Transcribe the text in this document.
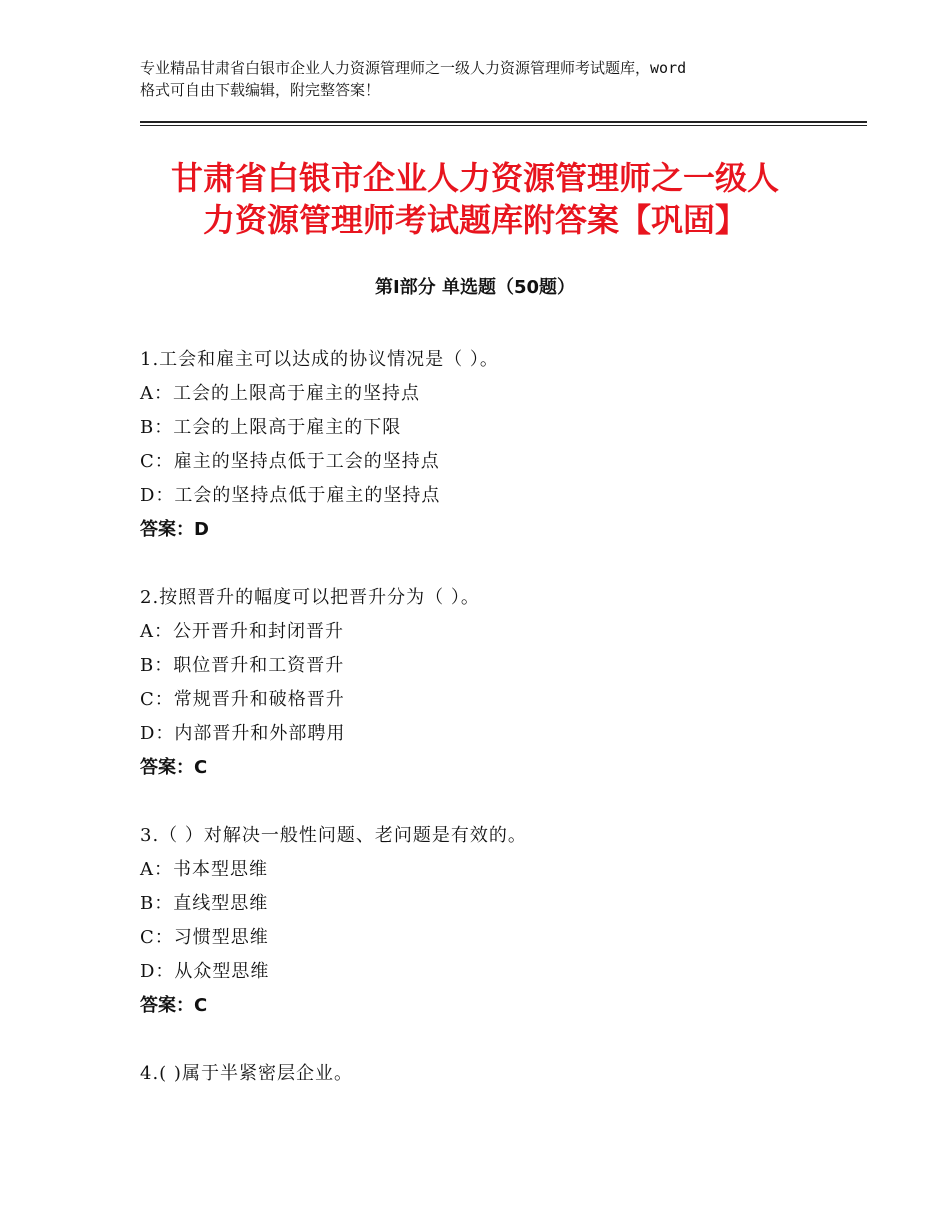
专业精品甘肃省白银市企业人力资源管理师之一级人力资源管理师考试题库，word
格式可自由下载编辑，附完整答案！
甘肃省白银市企业人力资源管理师之一级人
力资源管理师考试题库附答案【巩固】
第Ⅰ部分 单选题（50题）
1.工会和雇主可以达成的协议情况是（ ）。
A：工会的上限高于雇主的坚持点
B：工会的上限高于雇主的下限
C：雇主的坚持点低于工会的坚持点
D：工会的坚持点低于雇主的坚持点
答案：D
2.按照晋升的幅度可以把晋升分为（ ）。
A：公开晋升和封闭晋升
B：职位晋升和工资晋升
C：常规晋升和破格晋升
D：内部晋升和外部聘用
答案：C
3.（ ）对解决一般性问题、老问题是有效的。
A：书本型思维
B：直线型思维
C：习惯型思维
D：从众型思维
答案：C
4.( )属于半紧密层企业。
